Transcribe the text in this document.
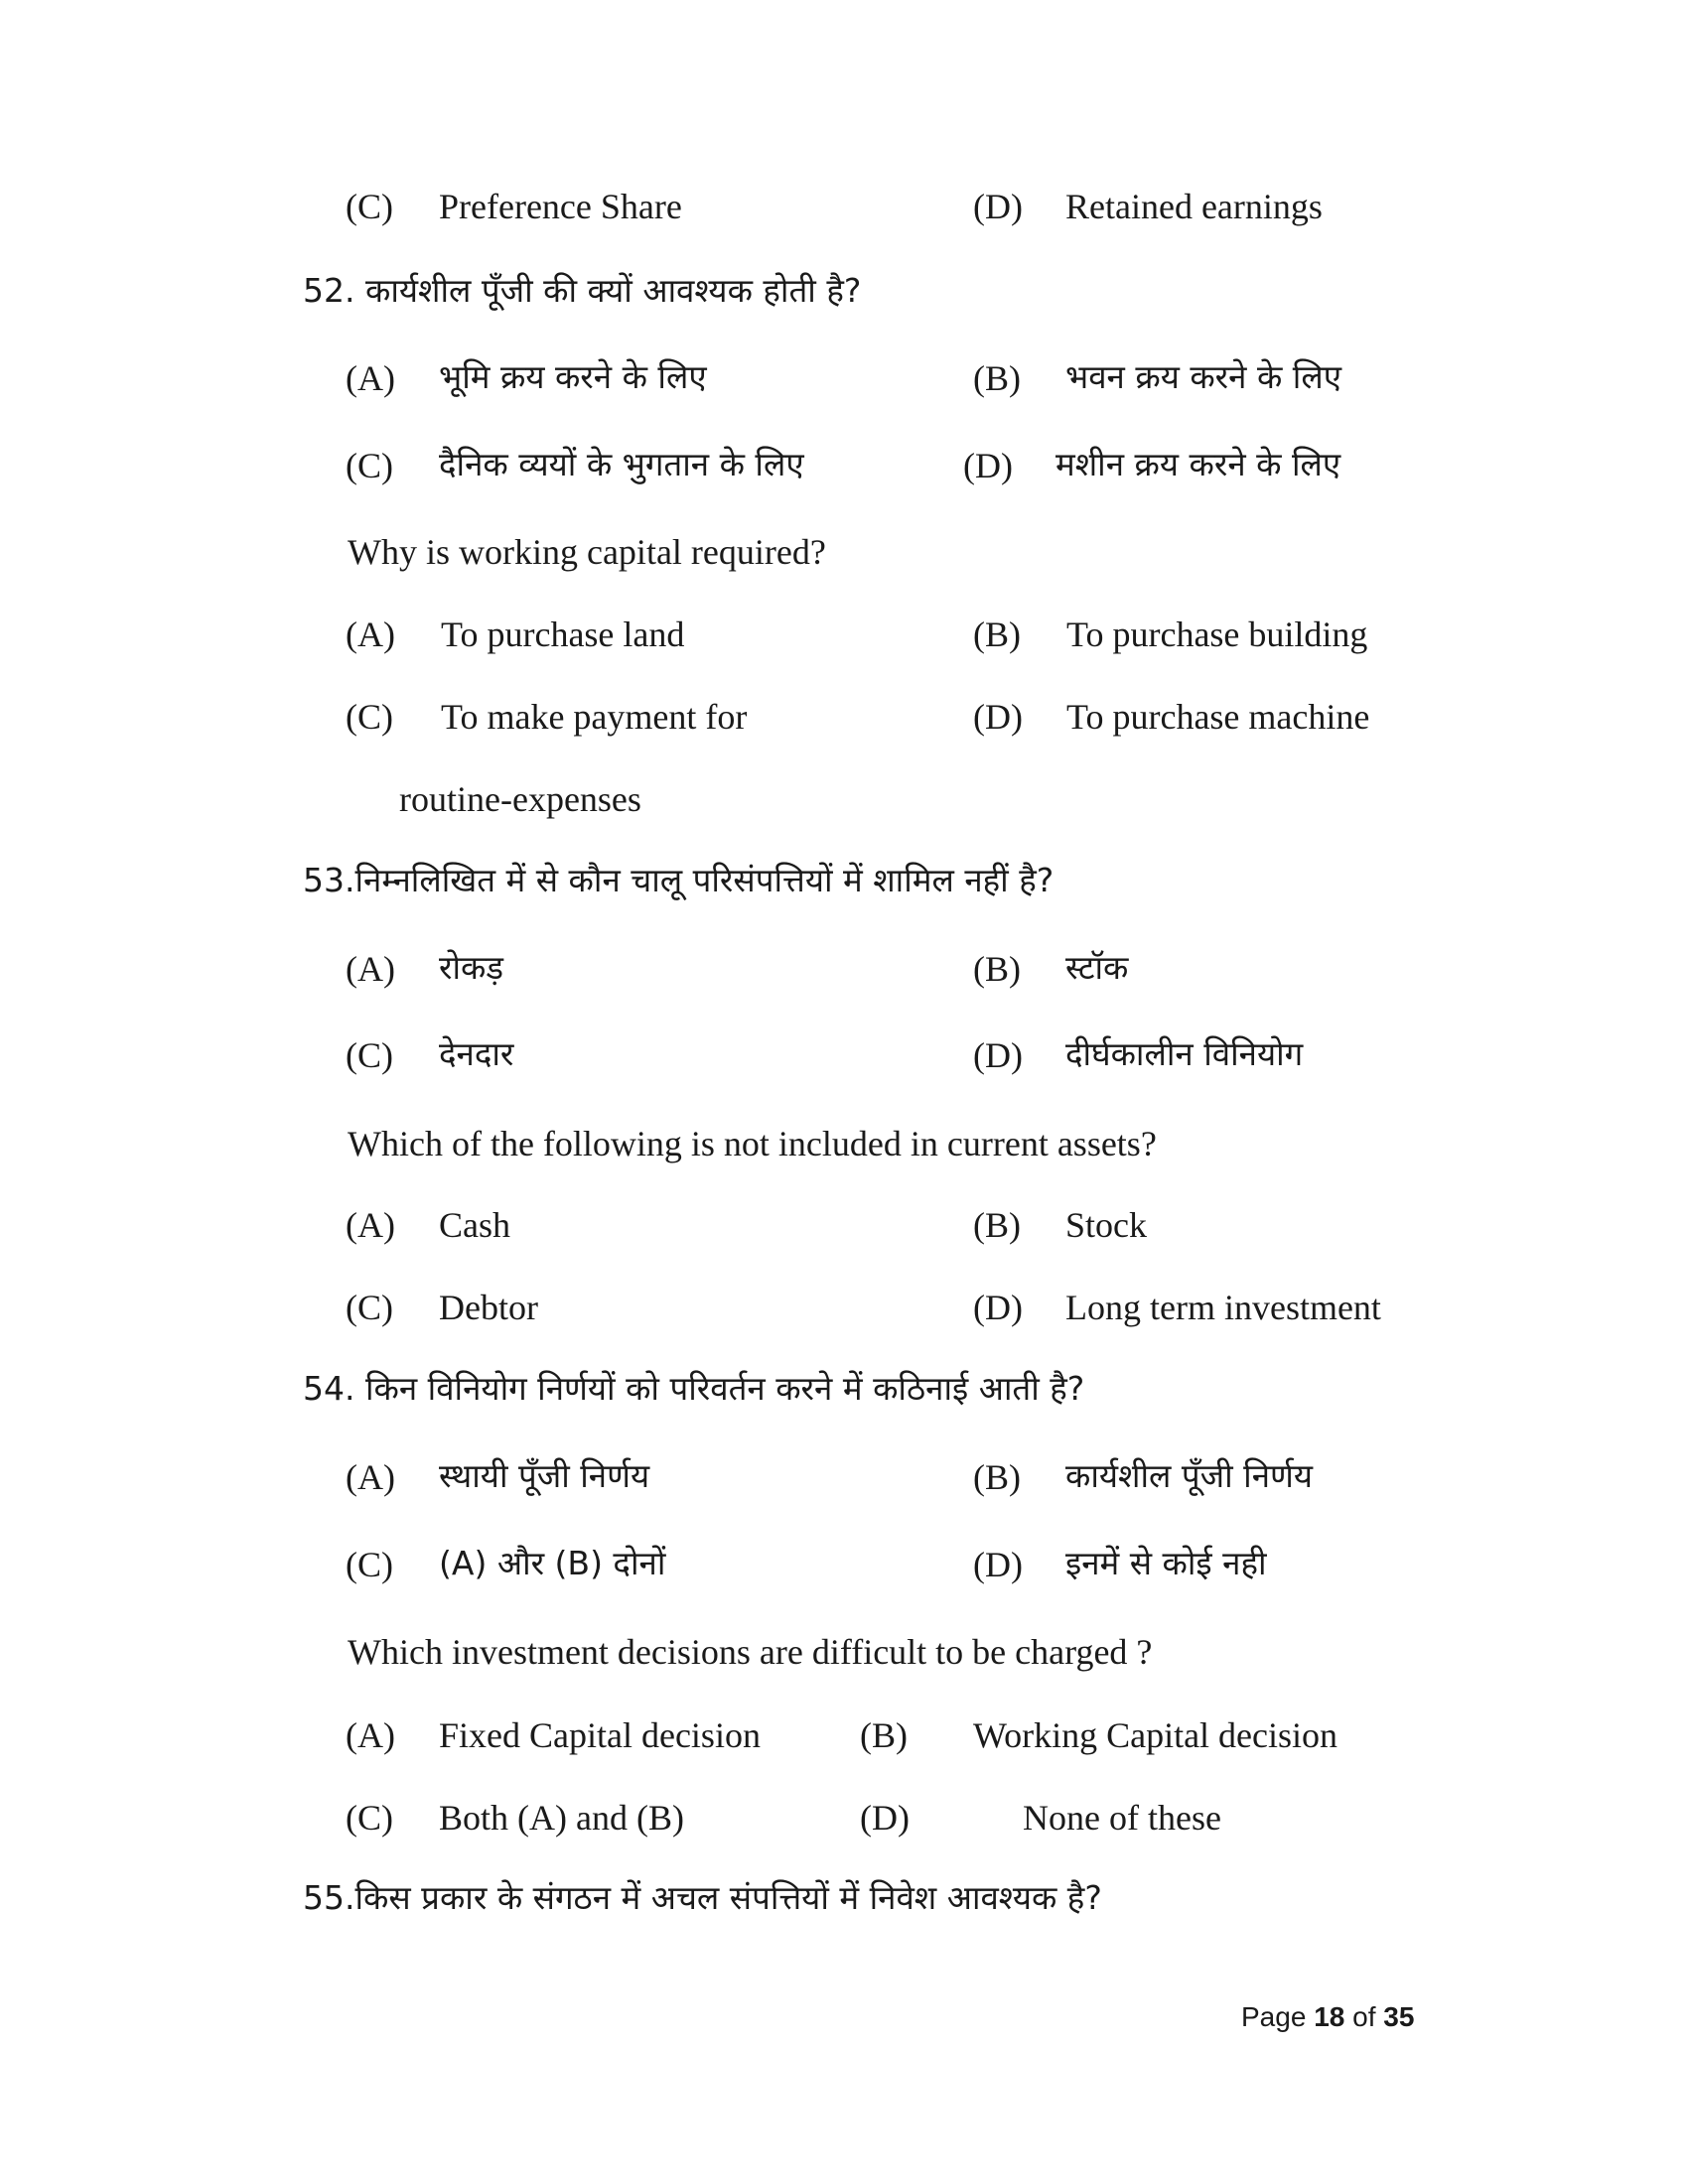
(C) Preference Share	(D) Retained earnings
52. कार्यशील पूँजी की क्यों आवश्यक होती है?
(A) भूमि क्रय करने के लिए	(B) भवन क्रय करने के लिए
(C) दैनिक व्ययों के भुगतान के लिए	(D) मशीन क्रय करने के लिए
Why is working capital required?
(A) To purchase land	(B) To purchase building
(C) To make payment for	(D) To purchase machine
routine-expenses
53.निम्नलिखित में से कौन चालू परिसंपत्तियों में शामिल नहीं है?
(A) रोकड़	(B) स्टॉक
(C) देनदार	(D) दीर्घकालीन विनियोग
Which of the following is not included in current assets?
(A) Cash	(B) Stock
(C) Debtor	(D) Long term investment
54. किन विनियोग निर्णयों को परिवर्तन करने में कठिनाई आती है?
(A) स्थायी पूँजी निर्णय	(B) कार्यशील पूँजी निर्णय
(C) (A) और (B) दोनों	(D) इनमें से कोई नही
Which investment decisions are difficult to be charged ?
(A) Fixed Capital decision	(B) Working Capital decision
(C) Both (A) and (B)	(D)	None of these
55.किस प्रकार के संगठन में अचल संपत्तियों में निवेश आवश्यक है?
Page 18 of 35
